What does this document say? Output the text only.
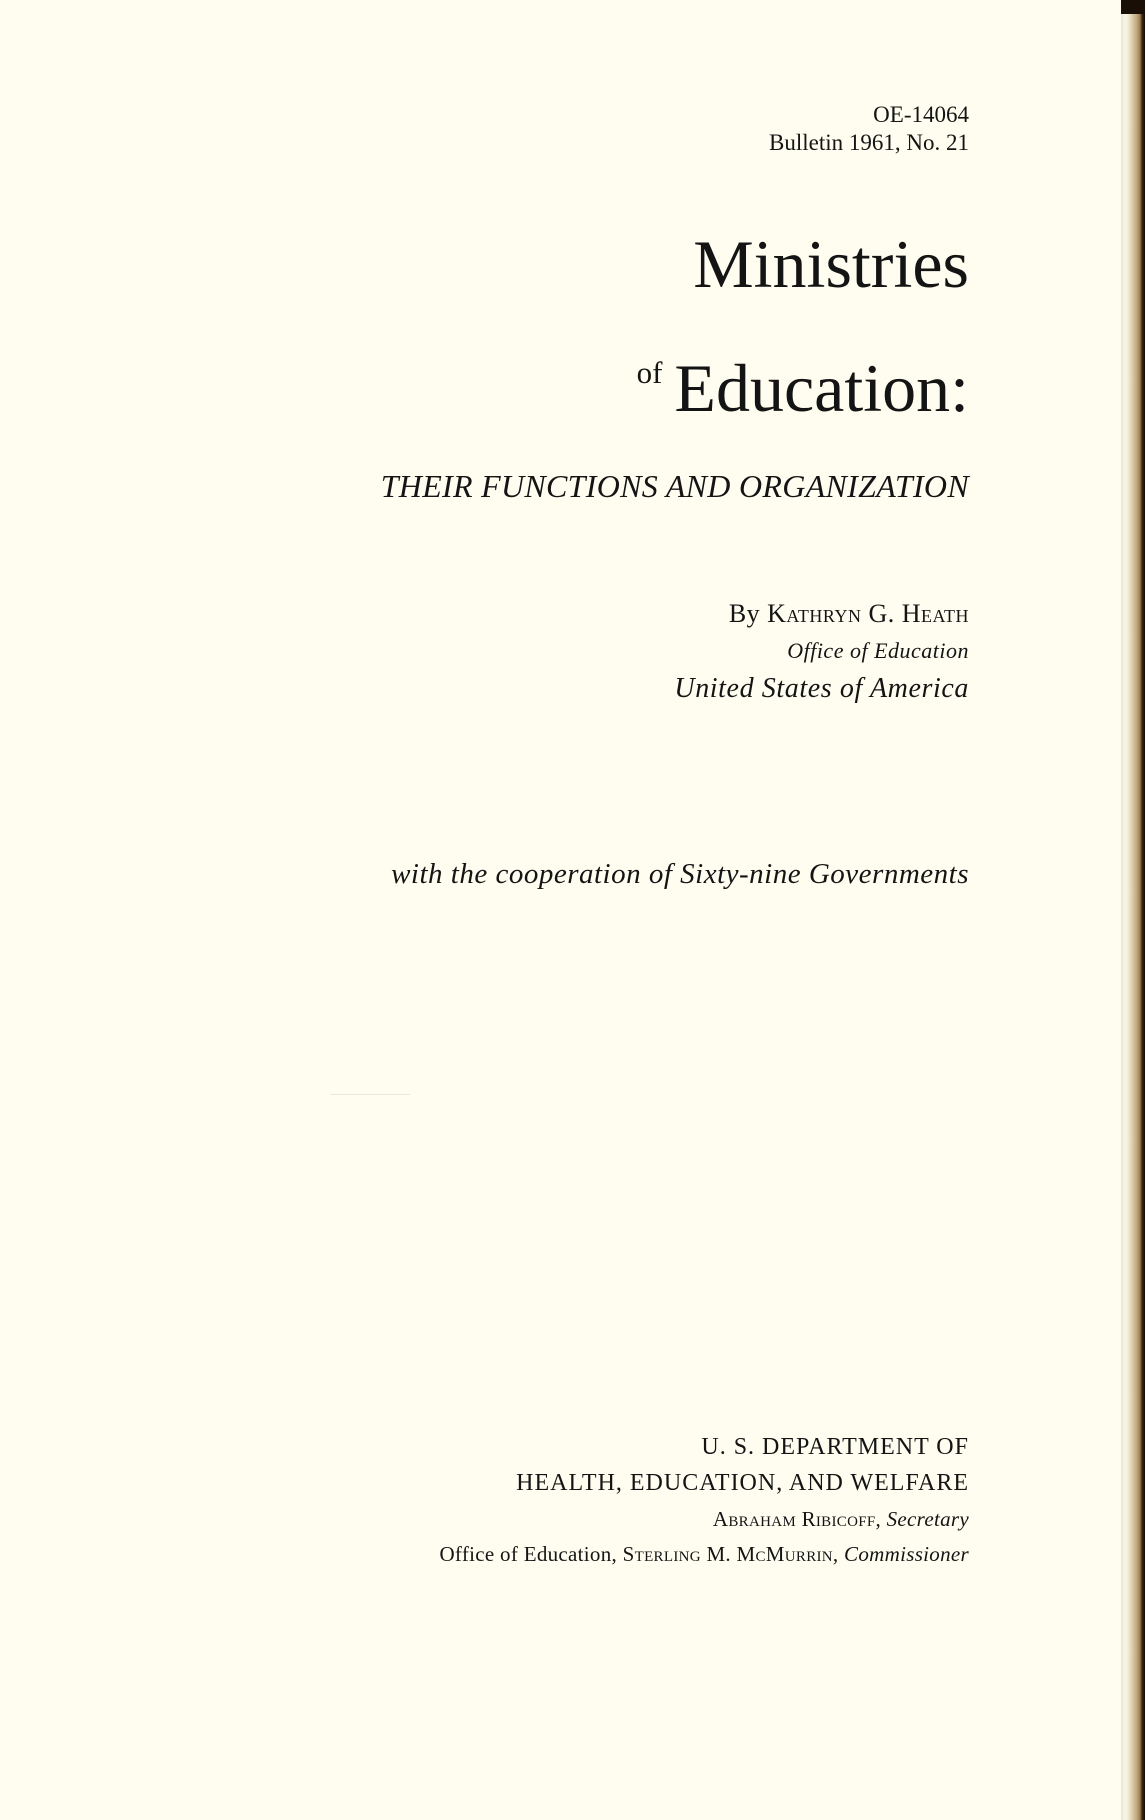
OE-14064
Bulletin 1961, No. 21
Ministries
$^{of}$ Education:
THEIR FUNCTIONS AND ORGANIZATION
By Kathryn G. Heath
Office of Education
United States of America
with the cooperation of Sixty-nine Governments
U. S. DEPARTMENT OF
HEALTH, EDUCATION, AND WELFARE
Abraham Ribicoff, Secretary
Office of Education, Sterling M. McMurrin, Commissioner
